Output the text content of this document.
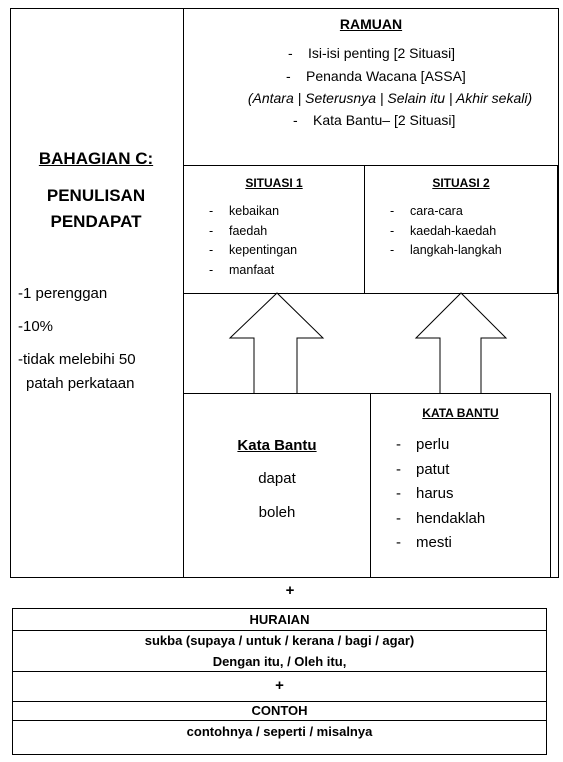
BAHAGIAN C:
PENULISAN
PENDAPAT
-1 perenggan
-10%
-tidak melebihi 50
patah perkataan
RAMUAN
- Isi-isi penting [2 Situasi]
- Penanda Wacana [ASSA]
(Antara | Seterusnya | Selain itu | Akhir sekali)
- Kata Bantu– [2 Situasi]
SITUASI 1
- kebaikan
- faedah
- kepentingan
- manfaat
SITUASI 2
- cara-cara
- kaedah-kaedah
- langkah-langkah
Kata Bantu
dapat
boleh
KATA BANTU
- perlu
- patut
- harus
- hendaklah
- mesti
+
HURAIAN
sukba (supaya / untuk / kerana / bagi / agar)
Dengan itu, / Oleh itu,
+
CONTOH
contohnya / seperti / misalnya
